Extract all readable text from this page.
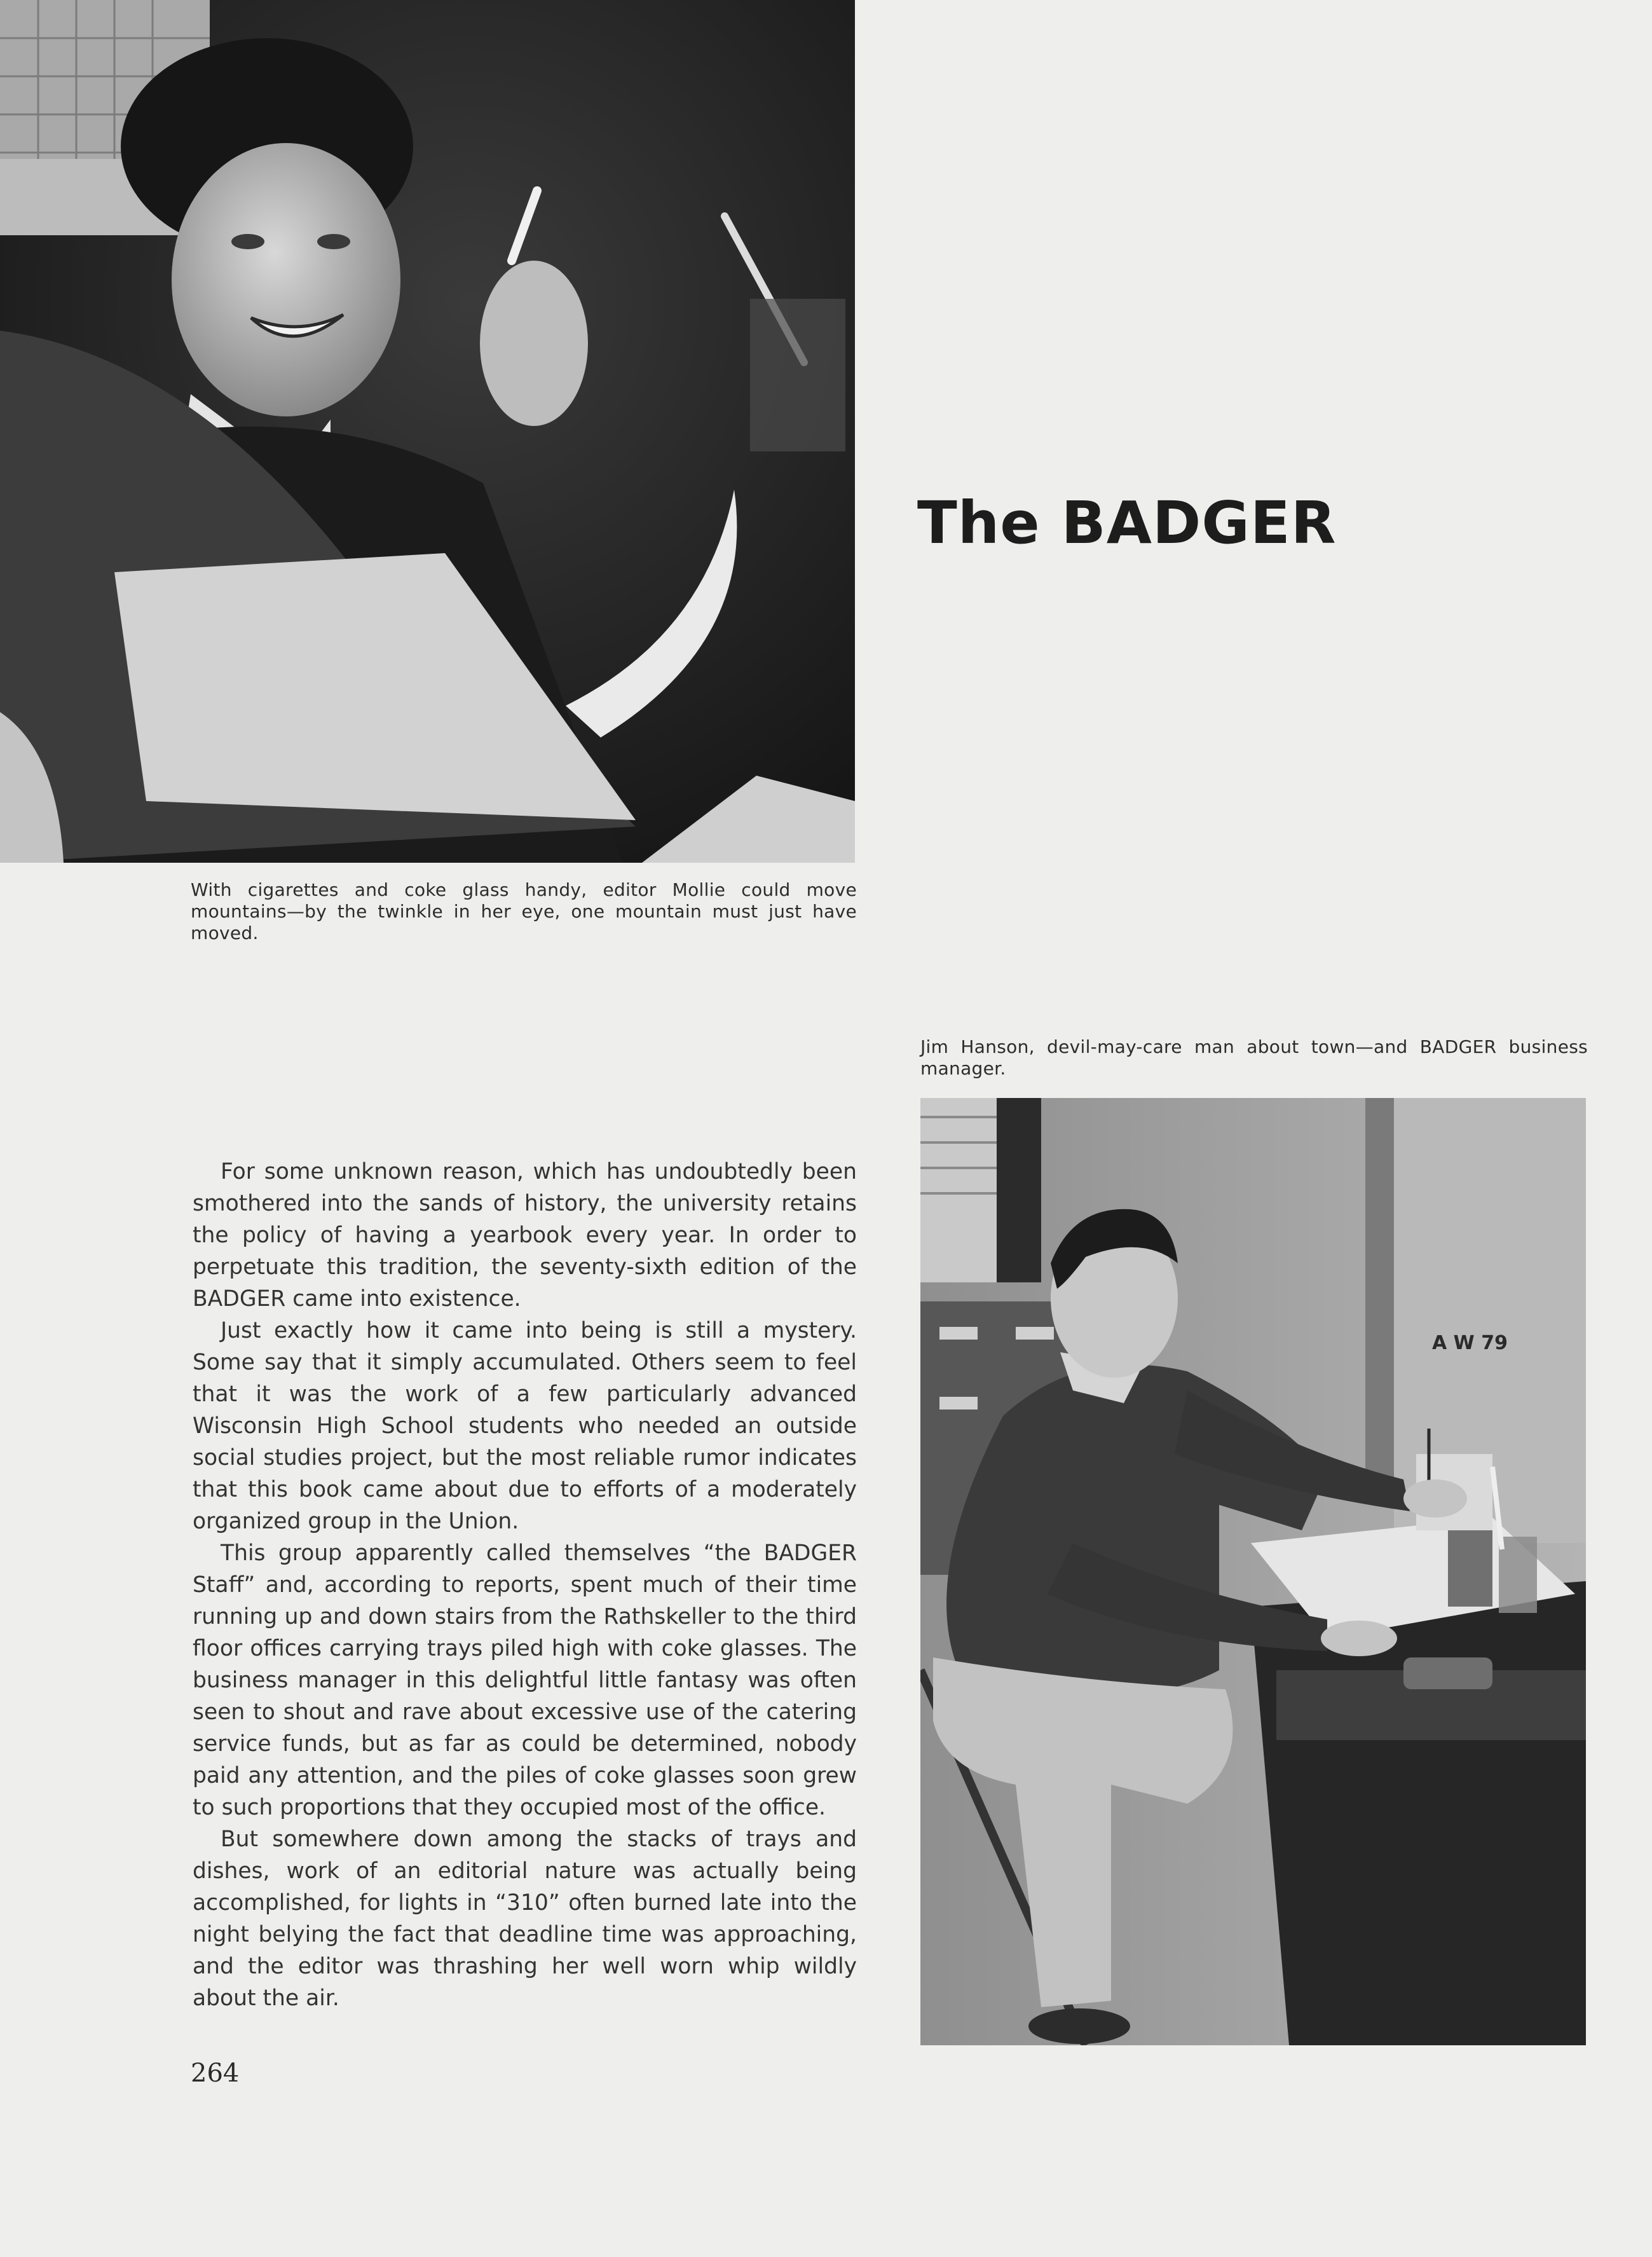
With cigarettes and coke glass handy, editor Mollie could move mountains—by the twinkle in her eye, one mountain must just have moved.

The BADGER

Jim Hanson, devil-may-care man about town—and BADGER business manager.

A W 79

For some unknown reason, which has undoubtedly been smothered into the sands of history, the university retains the policy of having a yearbook every year. In order to perpetuate this tradition, the seventy-sixth edition of the BADGER came into existence.

Just exactly how it came into being is still a mystery. Some say that it simply accumulated. Others seem to feel that it was the work of a few particularly advanced Wisconsin High School students who needed an outside social studies project, but the most reliable rumor indicates that this book came about due to efforts of a moderately organized group in the Union.

This group apparently called themselves “the BADGER Staff” and, according to reports, spent much of their time running up and down stairs from the Rathskeller to the third floor offices carrying trays piled high with coke glasses. The business manager in this delightful little fantasy was often seen to shout and rave about excessive use of the catering service funds, but as far as could be determined, nobody paid any attention, and the piles of coke glasses soon grew to such proportions that they occupied most of the office.

But somewhere down among the stacks of trays and dishes, work of an editorial nature was actually being accomplished, for lights in “310” often burned late into the night belying the fact that deadline time was approaching, and the editor was thrashing her well worn whip wildly about the air.

264
